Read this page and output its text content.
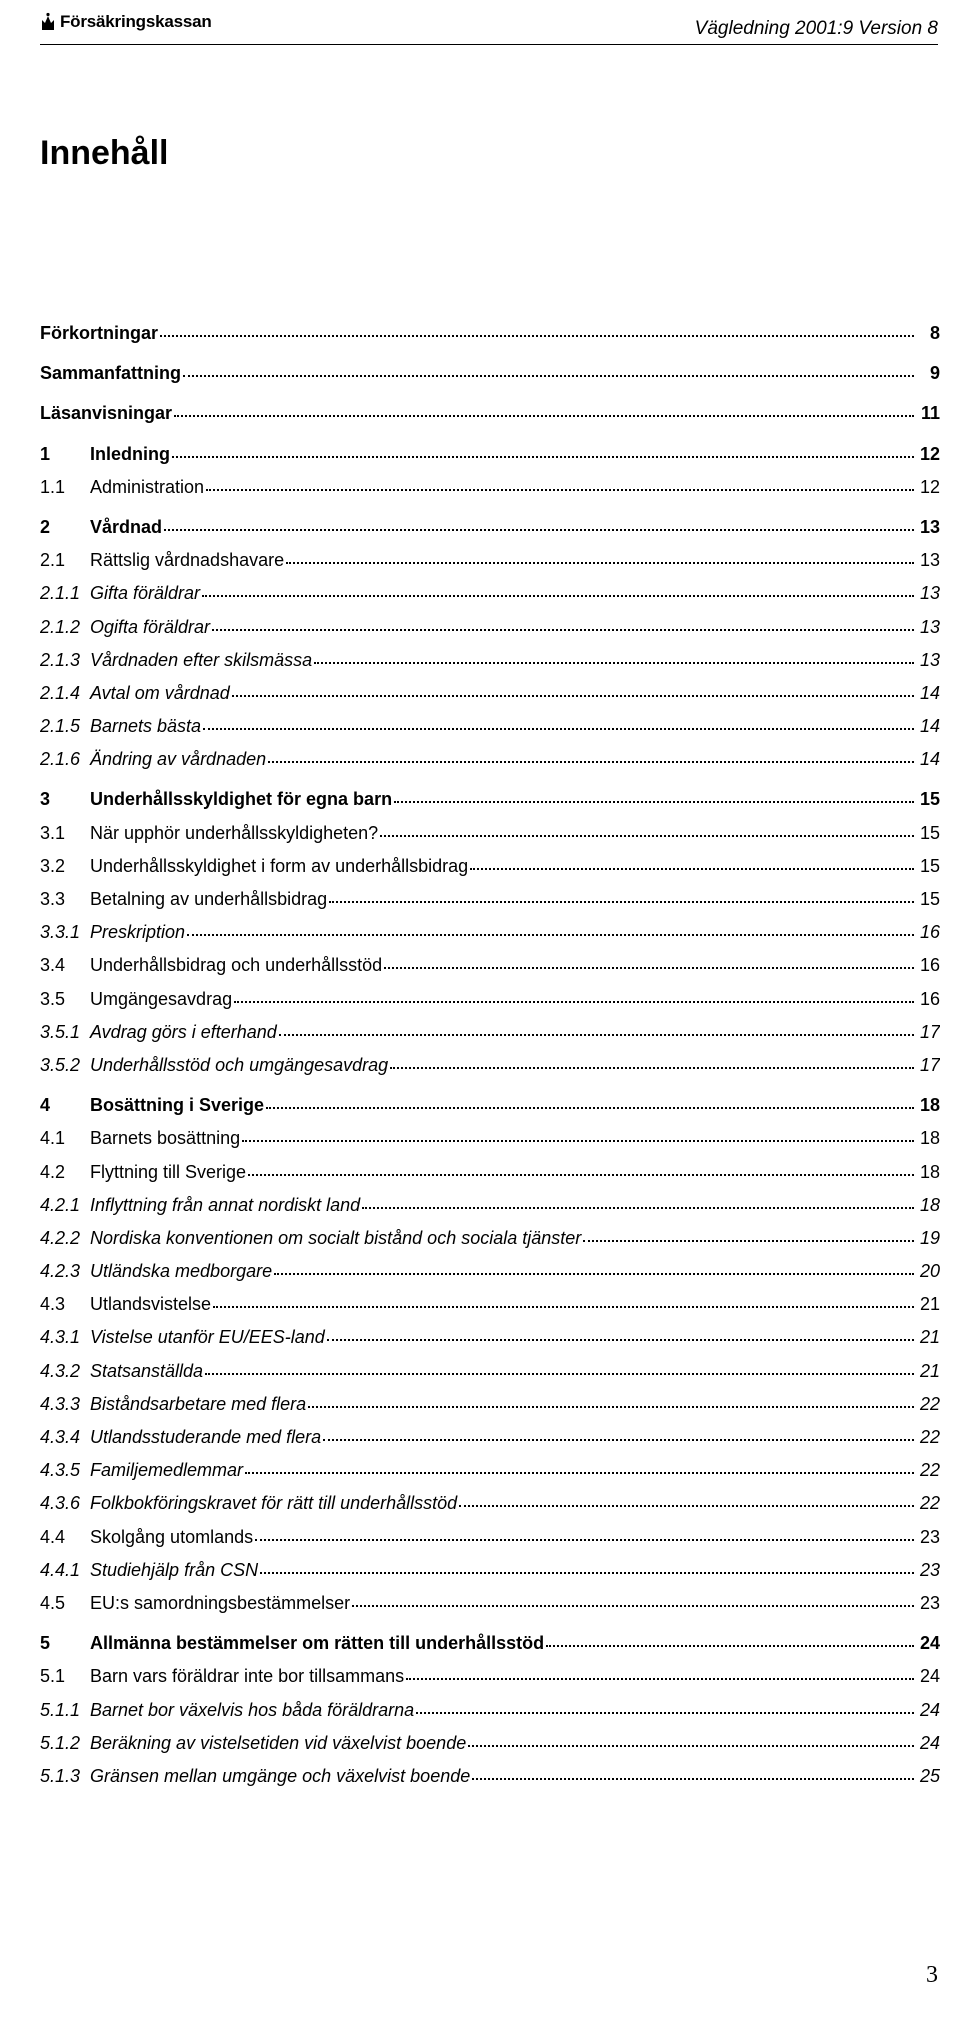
Försäkringskassan	Vägledning 2001:9 Version 8
Innehåll
Förkortningar	8
Sammanfattning	9
Läsanvisningar	11
1	Inledning	12
1.1	Administration	12
2	Vårdnad	13
2.1	Rättslig vårdnadshavare	13
2.1.1 Gifta föräldrar	13
2.1.2 Ogifta föräldrar	13
2.1.3 Vårdnaden efter skilsmässa	13
2.1.4 Avtal om vårdnad	14
2.1.5 Barnets bästa	14
2.1.6 Ändring av vårdnaden	14
3	Underhållsskyldighet för egna barn	15
3.1	När upphör underhållsskyldigheten?	15
3.2	Underhållsskyldighet i form av underhållsbidrag	15
3.3	Betalning av underhållsbidrag	15
3.3.1 Preskription	16
3.4	Underhållsbidrag och underhållsstöd	16
3.5	Umgängesavdrag	16
3.5.1 Avdrag görs i efterhand	17
3.5.2 Underhållsstöd och umgängesavdrag	17
4	Bosättning i Sverige	18
4.1	Barnets bosättning	18
4.2	Flyttning till Sverige	18
4.2.1 Inflyttning från annat nordiskt land	18
4.2.2 Nordiska konventionen om socialt bistånd och sociala tjänster	19
4.2.3 Utländska medborgare	20
4.3	Utlandsvistelse	21
4.3.1 Vistelse utanför EU/EES-land	21
4.3.2 Statsanställda	21
4.3.3 Biståndsarbetare med flera	22
4.3.4 Utlandsstuderande med flera	22
4.3.5 Familjemedlemmar	22
4.3.6 Folkbokföringskravet för rätt till underhållsstöd	22
4.4	Skolgång utomlands	23
4.4.1 Studiehjälp från CSN	23
4.5	EU:s samordningsbestämmelser	23
5	Allmänna bestämmelser om rätten till underhållsstöd	24
5.1	Barn vars föräldrar inte bor tillsammans	24
5.1.1 Barnet bor växelvis hos båda föräldrarna	24
5.1.2 Beräkning av vistelsetiden vid växelvist boende	24
5.1.3 Gränsen mellan umgänge och växelvist boende	25
3
